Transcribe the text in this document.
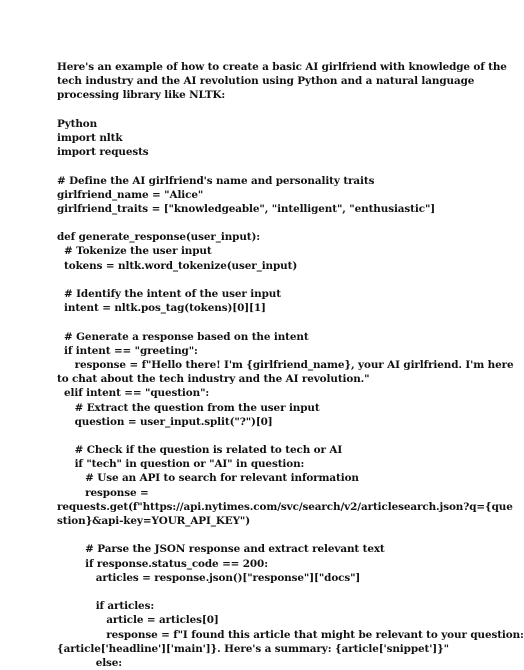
Here's an example of how to create a basic AI girlfriend with knowledge of the
tech industry and the AI revolution using Python and a natural language
processing library like NLTK:
Python
import nltk
import requests
# Define the AI girlfriend's name and personality traits
girlfriend_name = "Alice"
girlfriend_traits = ["knowledgeable", "intelligent", "enthusiastic"]
def generate_response(user_input):
# Tokenize the user input
tokens = nltk.word_tokenize(user_input)
# Identify the intent of the user input
intent = nltk.pos_tag(tokens)[0][1]
# Generate a response based on the intent
if intent == "greeting":
response = f"Hello there! I'm {girlfriend_name}, your AI girlfriend. I'm here
to chat about the tech industry and the AI revolution."
elif intent == "question":
# Extract the question from the user input
question = user_input.split("?")[0]
# Check if the question is related to tech or AI
if "tech" in question or "AI" in question:
# Use an API to search for relevant information
response =
requests.get(f"https://api.nytimes.com/svc/search/v2/articlesearch.json?q={que
stion}&api-key=YOUR_API_KEY")
# Parse the JSON response and extract relevant text
if response.status_code == 200:
articles = response.json()["response"]["docs"]
if articles:
article = articles[0]
response = f"I found this article that might be relevant to your question:
{article['headline']['main']}. Here's a summary: {article['snippet']}"
else:
